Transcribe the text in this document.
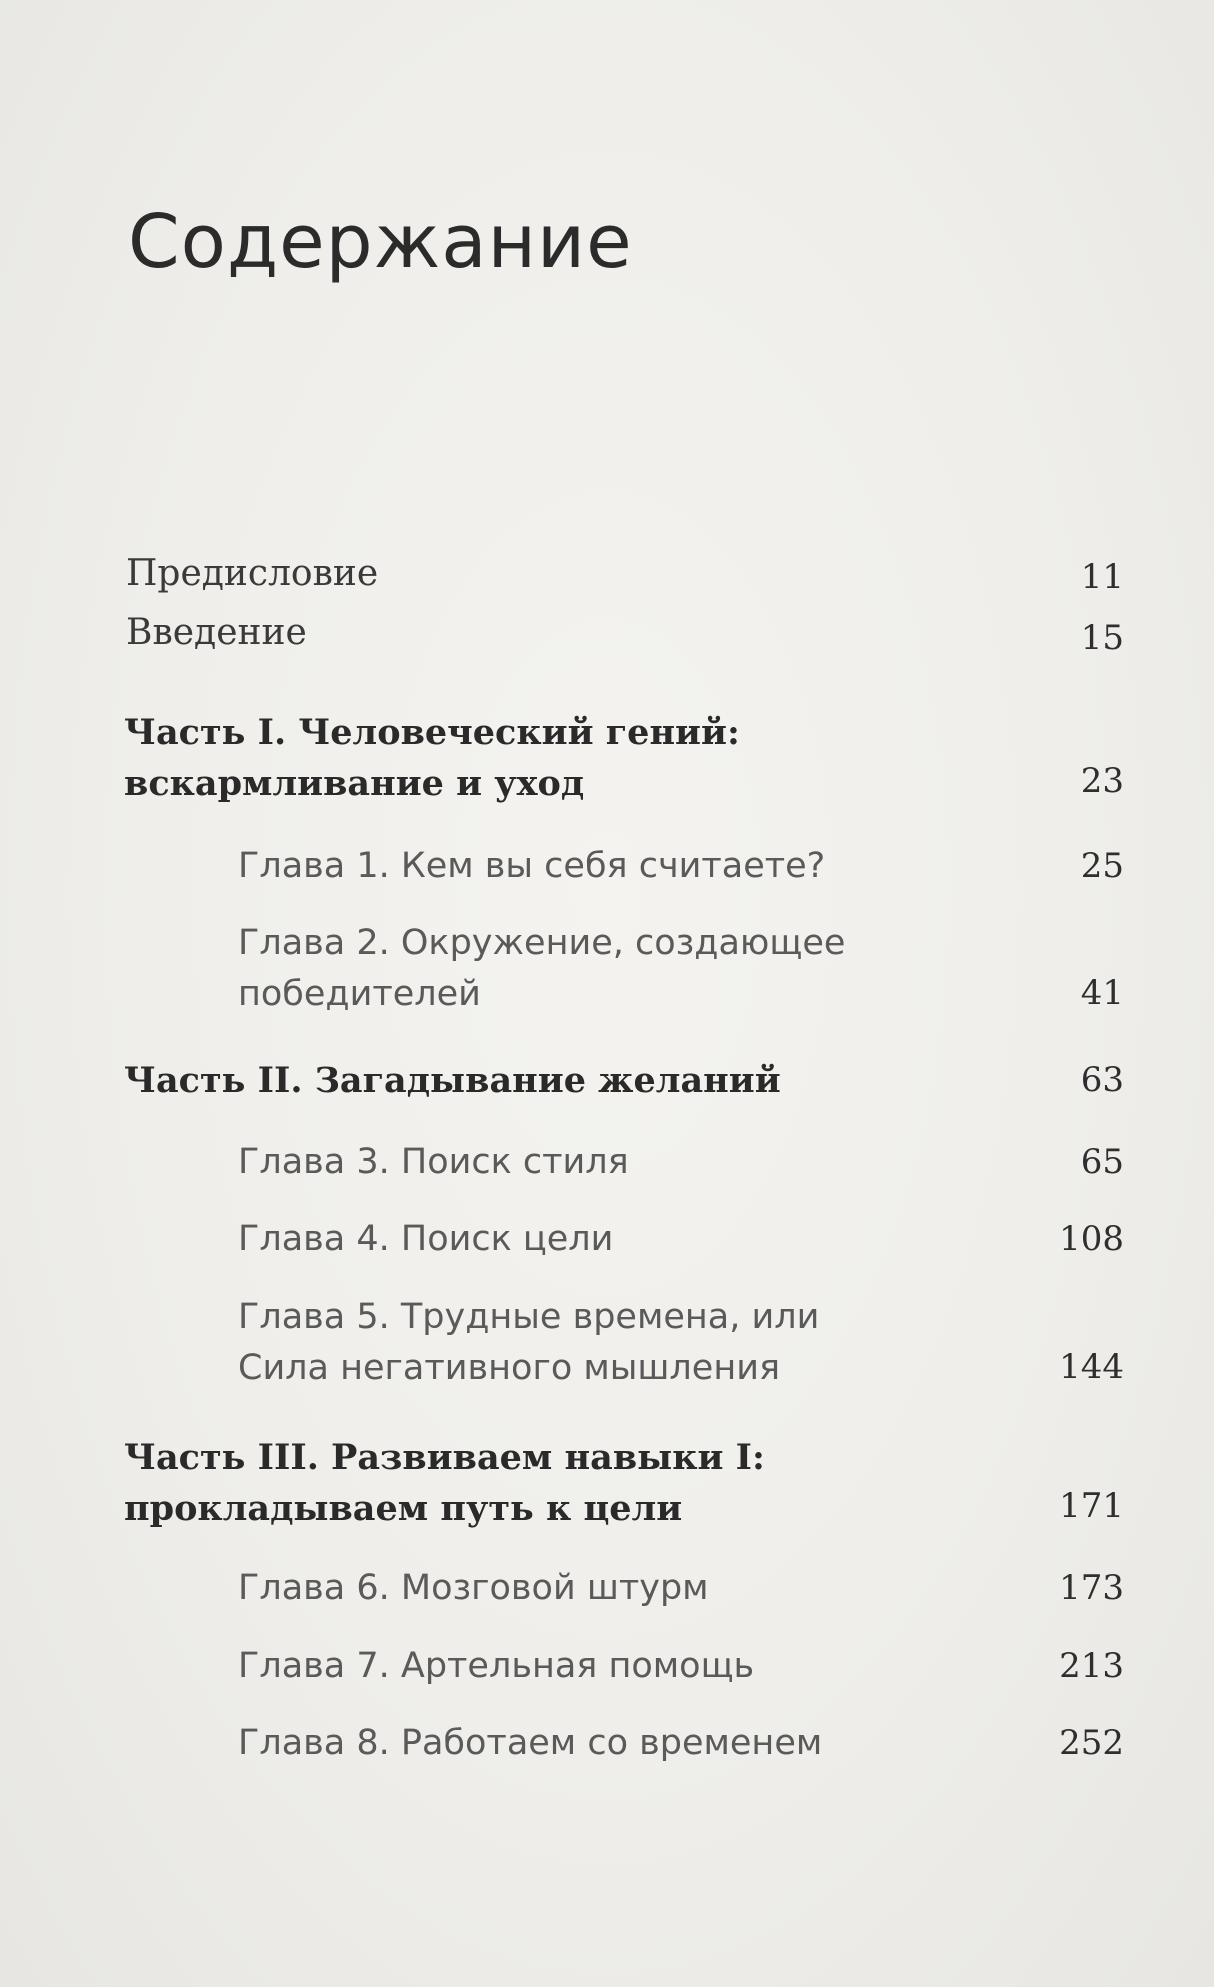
Содержание
Предисловие	11
Введение	15
Часть I. Человеческий гений:
вскармливание и уход	23
Глава 1. Кем вы себя считаете?	25
Глава 2. Окружение, создающее
победителей	41
Часть II. Загадывание желаний	63
Глава 3. Поиск стиля	65
Глава 4. Поиск цели	108
Глава 5. Трудные времена, или
Сила негативного мышления	144
Часть III. Развиваем навыки I:
прокладываем путь к цели	171
Глава 6. Мозговой штурм	173
Глава 7. Артельная помощь	213
Глава 8. Работаем со временем	252
